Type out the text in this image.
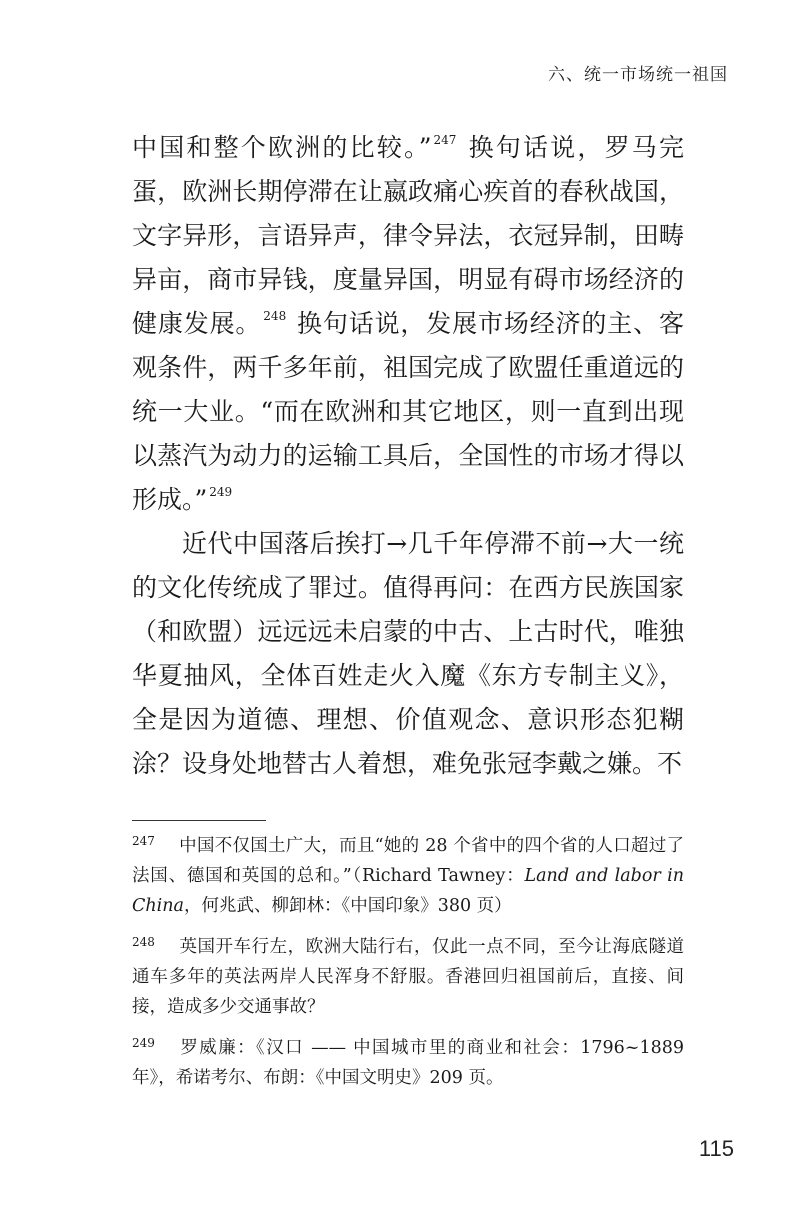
六、统一市场统一祖国

中国和整个欧洲的比较。” $^{247}$ 换句话说，罗马完蛋，欧洲长期停滞在让嬴政痛心疾首的春秋战国，文字异形，言语异声，律令异法，衣冠异制，田畴异亩，商市异钱，度量异国，明显有碍市场经济的健康发展。 $^{248}$ 换句话说，发展市场经济的主、客观条件，两千多年前，祖国完成了欧盟任重道远的统一大业。“而在欧洲和其它地区，则一直到出现以蒸汽为动力的运输工具后，全国性的市场才得以形成。” $^{249}$

近代中国落后挨打→几千年停滞不前→大一统的文化传统成了罪过。值得再问：在西方民族国家（和欧盟）远远远未启蒙的中古、上古时代，唯独华夏抽风，全体百姓走火入魔《东方专制主义》，全是因为道德、理想、价值观念、意识形态犯糊涂？设身处地替古人着想，难免张冠李戴之嫌。不

$^{247}$ 中国不仅国土广大，而且“她的 28 个省中的四个省的人口超过了法国、德国和英国的总和。”（Richard Tawney：Land and labor in China，何兆武、柳卸林：《中国印象》380 页）

$^{248}$ 英国开车行左，欧洲大陆行右，仅此一点不同，至今让海底隧道通车多年的英法两岸人民浑身不舒服。香港回归祖国前后，直接、间接，造成多少交通事故？

$^{249}$ 罗威廉：《汉口 —— 中国城市里的商业和社会：1796~1889 年》，希诺考尔、布朗：《中国文明史》209 页。

115
